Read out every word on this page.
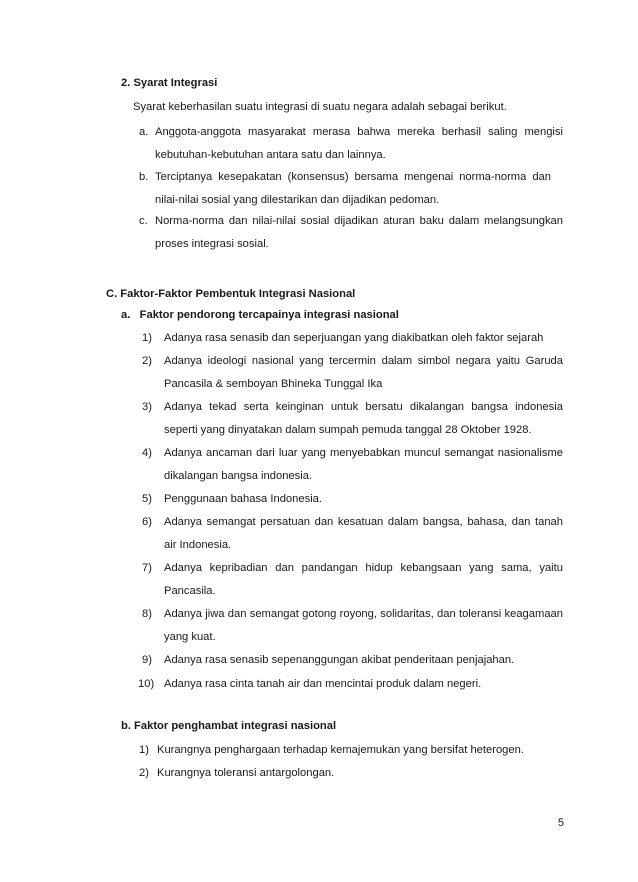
2. Syarat Integrasi
Syarat keberhasilan suatu integrasi di suatu negara adalah sebagai berikut.
a. Anggota-anggota masyarakat merasa bahwa mereka berhasil saling mengisi kebutuhan-kebutuhan antara satu dan lainnya.
b. Terciptanya kesepakatan (konsensus) bersama mengenai norma-norma dan nilai-nilai sosial yang dilestarikan dan dijadikan pedoman.
c. Norma-norma dan nilai-nilai sosial dijadikan aturan baku dalam melangsungkan proses integrasi sosial.
C. Faktor-Faktor Pembentuk Integrasi Nasional
a.   Faktor pendorong tercapainya integrasi nasional
1) Adanya rasa senasib dan seperjuangan yang diakibatkan oleh faktor sejarah
2) Adanya ideologi nasional yang tercermin dalam simbol negara yaitu Garuda Pancasila & semboyan Bhineka Tunggal Ika
3) Adanya tekad serta keinginan untuk bersatu dikalangan bangsa indonesia seperti yang dinyatakan dalam sumpah pemuda tanggal 28 Oktober 1928.
4) Adanya ancaman dari luar yang menyebabkan muncul semangat nasionalisme dikalangan bangsa indonesia.
5) Penggunaan bahasa Indonesia.
6) Adanya semangat persatuan dan kesatuan dalam bangsa, bahasa, dan tanah air Indonesia.
7) Adanya kepribadian dan pandangan hidup kebangsaan yang sama, yaitu Pancasila.
8) Adanya jiwa dan semangat gotong royong, solidaritas, dan toleransi keagamaan yang kuat.
9) Adanya rasa senasib sepenanggungan akibat penderitaan penjajahan.
10) Adanya rasa cinta tanah air dan mencintai produk dalam negeri.
b. Faktor penghambat integrasi nasional
1) Kurangnya penghargaan terhadap kemajemukan yang bersifat heterogen.
2) Kurangnya toleransi antargolongan.
5
